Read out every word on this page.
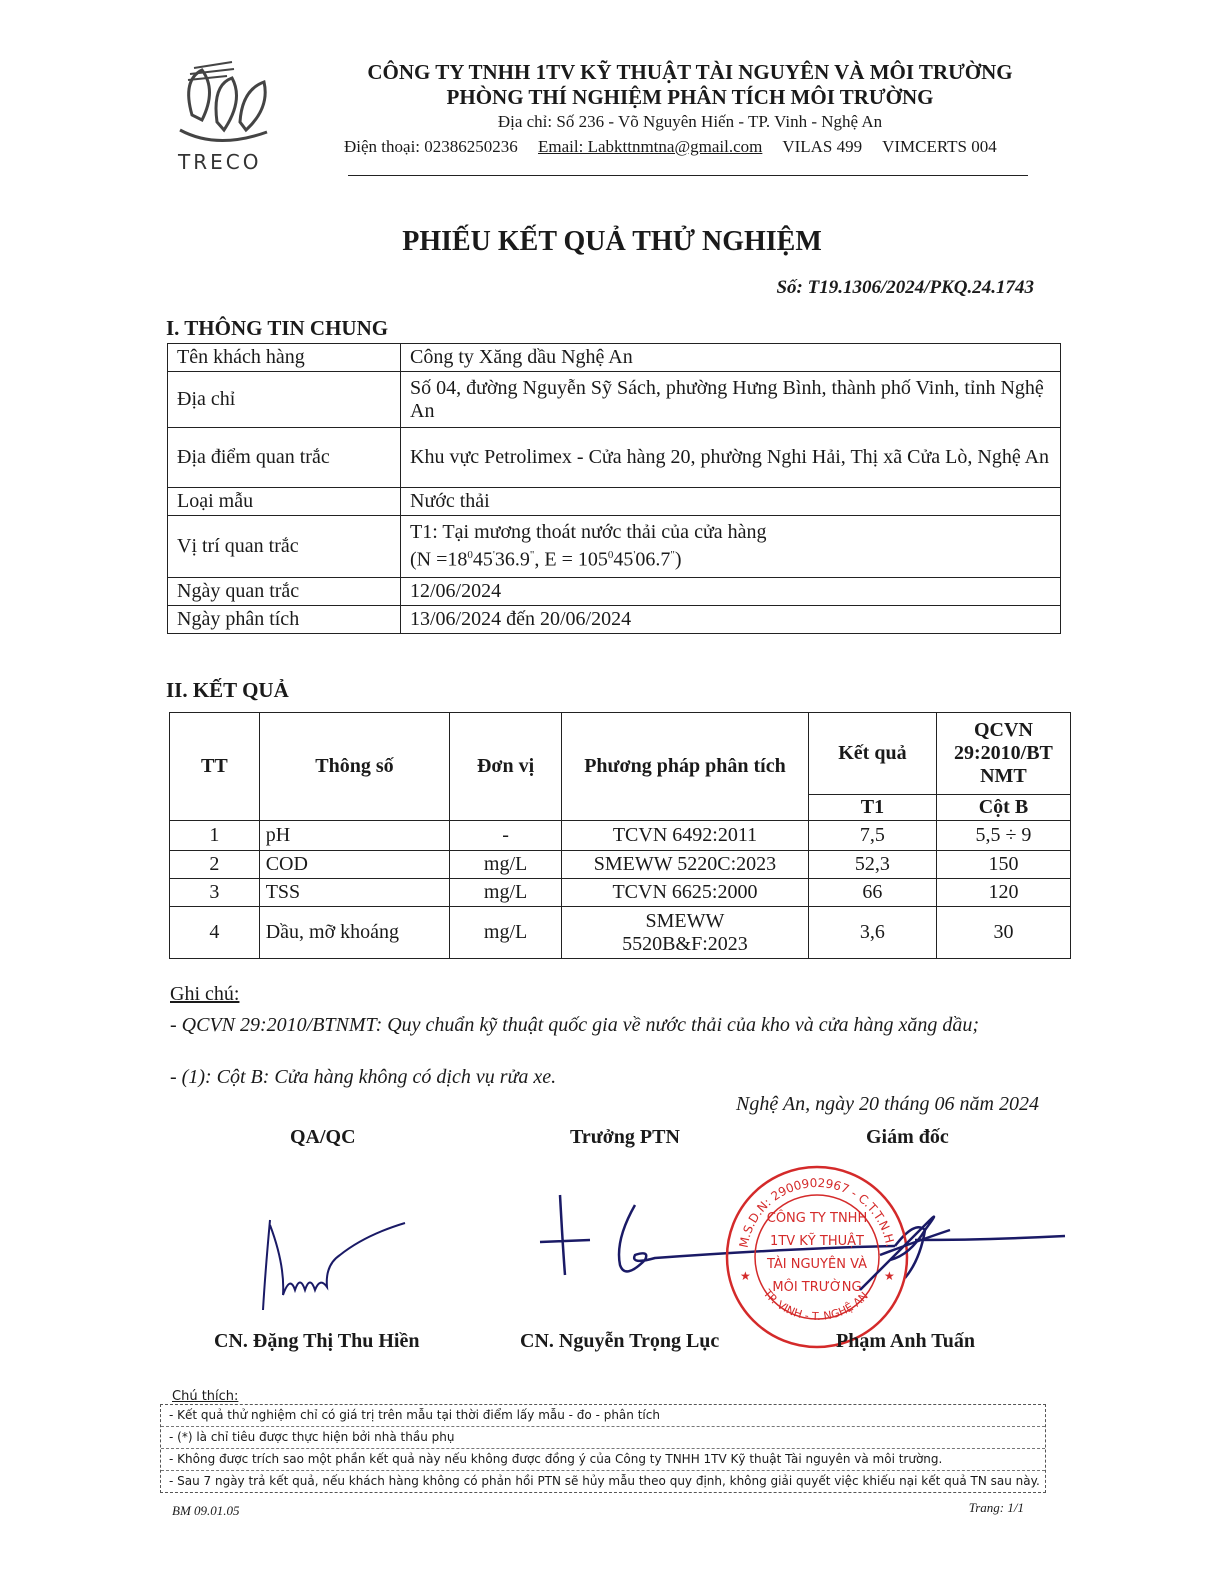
TRECO
CÔNG TY TNHH 1TV KỸ THUẬT TÀI NGUYÊN VÀ MÔI TRƯỜNG
PHÒNG THÍ NGHIỆM PHÂN TÍCH MÔI TRƯỜNG
Địa chỉ: Số 236 - Võ Nguyên Hiến - TP. Vinh - Nghệ An
Điện thoại: 02386250236 Email: Labkttnmtna@gmail.com VILAS 499 VIMCERTS 004
PHIẾU KẾT QUẢ THỬ NGHIỆM
Số: T19.1306/2024/PKQ.24.1743
I. THÔNG TIN CHUNG
Tên khách hàng	Công ty Xăng dầu Nghệ An
Địa chỉ	Số 04, đường Nguyễn Sỹ Sách, phường Hưng Bình, thành phố Vinh, tỉnh Nghệ An
Địa điểm quan trắc	Khu vực Petrolimex - Cửa hàng 20, phường Nghi Hải, Thị xã Cửa Lò, Nghệ An
Loại mẫu	Nước thải
Vị trí quan trắc	T1: Tại mương thoát nước thải của cửa hàng
($N =18^045'36.9^"$, $E = 105^045'06.7^"$)

Ngày quan trắc	12/06/2024
Ngày phân tích	13/06/2024 đến 20/06/2024
II. KẾT QUẢ
TT	Thông số	Đơn vị	Phương pháp phân tích	Kết quả	QCVN 29:2010/BT NMT
				T1	Cột B
1	pH	-	TCVN 6492:2011	7,5	5,5 ÷ 9
2	COD	mg/L	SMEWW 5220C:2023	52,3	150
3	TSS	mg/L	TCVN 6625:2000	66	120
4	Dầu, mỡ khoáng	mg/L	SMEWW 5520B&F:2023	3,6	30
Ghi chú:
- QCVN 29:2010/BTNMT: Quy chuẩn kỹ thuật quốc gia về nước thải của kho và cửa hàng xăng dầu;
- (1): Cột B: Cửa hàng không có dịch vụ rửa xe.
Nghệ An, ngày 20 tháng 06 năm 2024
QA/QC	Trưởng PTN	Giám đốc
M.S.D.N: 2900902967 - C.T.T.N.H.
TP. VINH - T. NGHỆ AN
CÔNG TY TNHH
1TV KỸ THUẬT
TÀI NGUYÊN VÀ
MÔI TRƯỜNG
★	★
CN. Đặng Thị Thu Hiền	CN. Nguyễn Trọng Lục	Phạm Anh Tuấn
Chú thích:
- Kết quả thử nghiệm chỉ có giá trị trên mẫu tại thời điểm lấy mẫu - đo - phân tích
- (*) là chỉ tiêu được thực hiện bởi nhà thầu phụ
- Không được trích sao một phần kết quả này nếu không được đồng ý của Công ty TNHH 1TV Kỹ thuật Tài nguyên và môi trường.
- Sau 7 ngày trả kết quả, nếu khách hàng không có phản hồi PTN sẽ hủy mẫu theo quy định, không giải quyết việc khiếu nại kết quả TN sau này.
BM 09.01.05	Trang: 1/1
